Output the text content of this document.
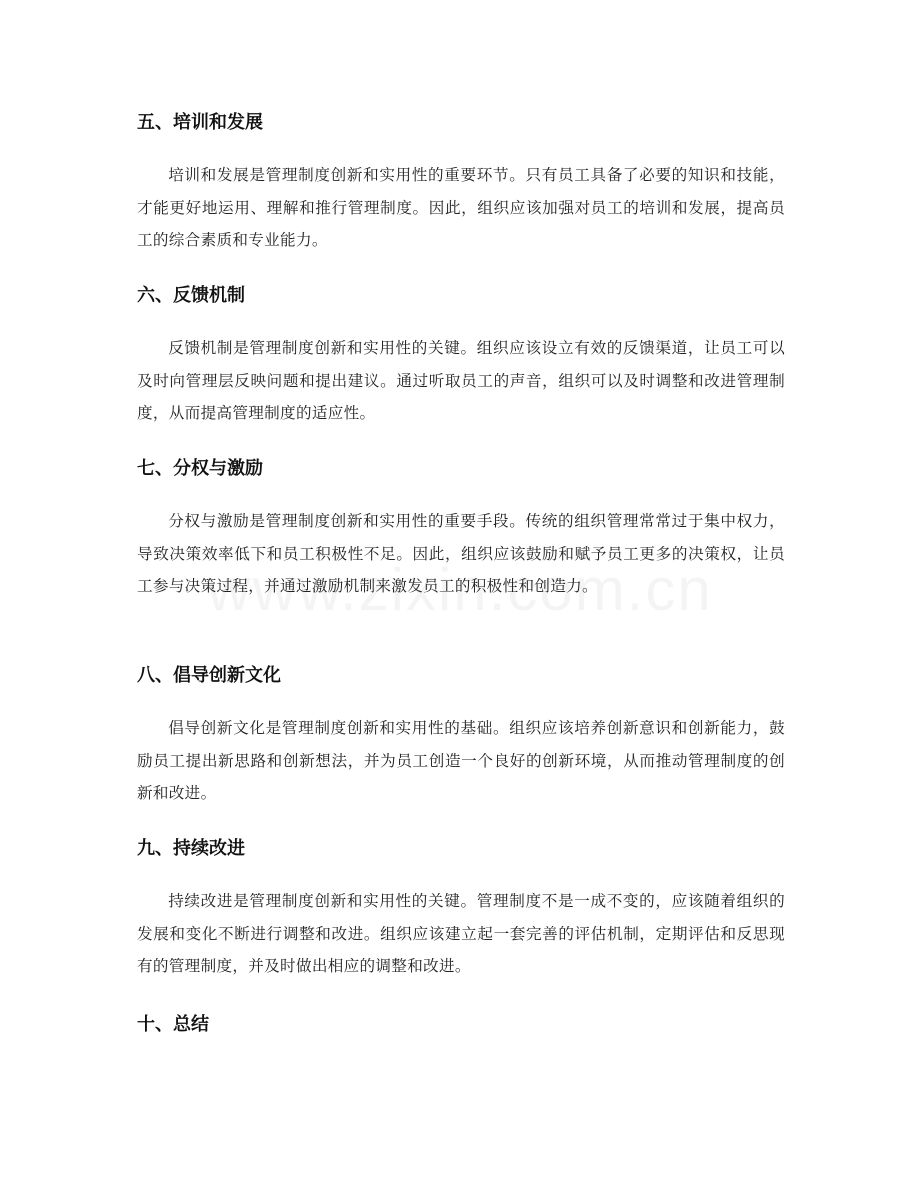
五、培训和发展

培训和发展是管理制度创新和实用性的重要环节。只有员工具备了必要的知识和技能，才能更好地运用、理解和推行管理制度。因此，组织应该加强对员工的培训和发展，提高员工的综合素质和专业能力。

六、反馈机制

反馈机制是管理制度创新和实用性的关键。组织应该设立有效的反馈渠道，让员工可以及时向管理层反映问题和提出建议。通过听取员工的声音，组织可以及时调整和改进管理制度，从而提高管理制度的适应性。

七、分权与激励

分权与激励是管理制度创新和实用性的重要手段。传统的组织管理常常过于集中权力，导致决策效率低下和员工积极性不足。因此，组织应该鼓励和赋予员工更多的决策权，让员工参与决策过程，并通过激励机制来激发员工的积极性和创造力。

八、倡导创新文化

倡导创新文化是管理制度创新和实用性的基础。组织应该培养创新意识和创新能力，鼓励员工提出新思路和创新想法，并为员工创造一个良好的创新环境，从而推动管理制度的创新和改进。

九、持续改进

持续改进是管理制度创新和实用性的关键。管理制度不是一成不变的，应该随着组织的发展和变化不断进行调整和改进。组织应该建立起一套完善的评估机制，定期评估和反思现有的管理制度，并及时做出相应的调整和改进。

十、总结
